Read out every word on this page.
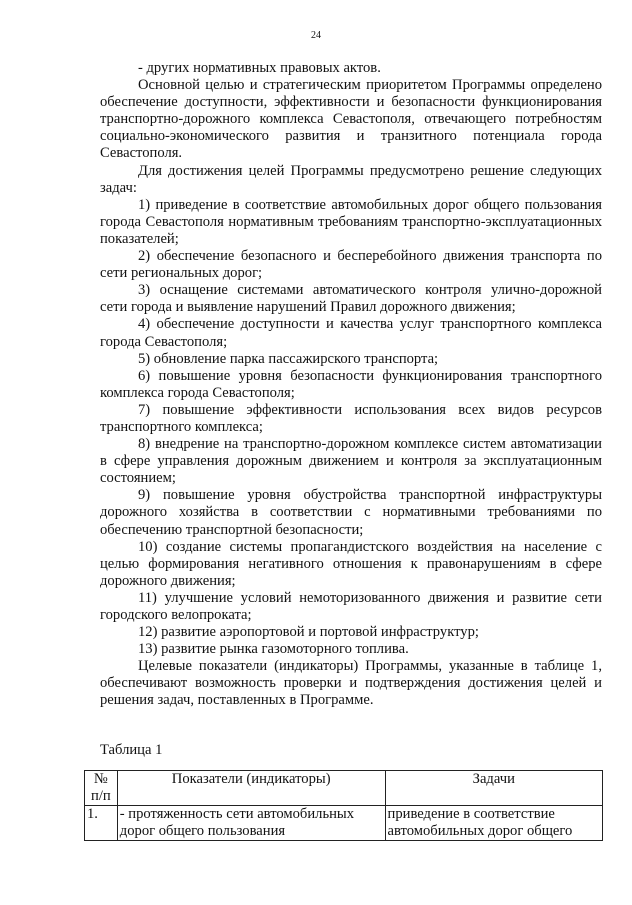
24

- других нормативных правовых актов.

Основной целью и стратегическим приоритетом Программы определено обеспечение доступности, эффективности и безопасности функционирования транспортно-дорожного комплекса Севастополя, отвечающего потребностям социально-экономического развития и транзитного потенциала города Севастополя.

Для достижения целей Программы предусмотрено решение следующих задач:

1) приведение в соответствие автомобильных дорог общего пользования города Севастополя нормативным требованиям транспортно-эксплуатационных показателей;

2) обеспечение безопасного и бесперебойного движения транспорта по сети региональных дорог;

3) оснащение системами автоматического контроля улично-дорожной сети города и выявление нарушений Правил дорожного движения;

4) обеспечение доступности и качества услуг транспортного комплекса города Севастополя;

5) обновление парка пассажирского транспорта;

6) повышение уровня безопасности функционирования транспортного комплекса города Севастополя;

7) повышение эффективности использования всех видов ресурсов транспортного комплекса;

8) внедрение на транспортно-дорожном комплексе систем автоматизации в сфере управления дорожным движением и контроля за эксплуатационным состоянием;

9) повышение уровня обустройства транспортной инфраструктуры дорожного хозяйства в соответствии с нормативными требованиями по обеспечению транспортной безопасности;

10) создание системы пропагандистского воздействия на население с целью формирования негативного отношения к правонарушениям в сфере дорожного движения;

11) улучшение условий немоторизованного движения и развитие сети городского велопроката;

12) развитие аэропортовой и портовой инфраструктур;

13) развитие рынка газомоторного топлива.

Целевые показатели (индикаторы) Программы, указанные в таблице 1, обеспечивают возможность проверки и подтверждения достижения целей и решения задач, поставленных в Программе.

Таблица 1
№ п/п	Показатели (индикаторы)	Задачи
1.	- протяженность сети автомобильных дорог общего пользования	приведение в соответствие автомобильных дорог общего
